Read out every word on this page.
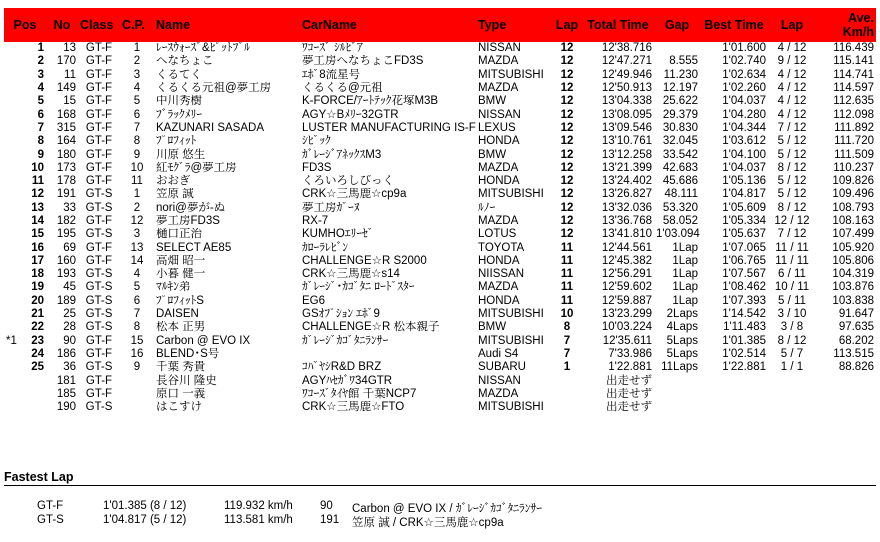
Pos	No	Class	C.P.	Name	CarName	Type	Lap	Total Time	Gap	Best Time	Lap	Ave. Km/h

1	13	GT-F	1	ﾚｰｽｳｫｰｽﾞ&ﾋﾟｯﾄﾌﾞﾙ	ﾜｺｰｽﾞ ｼﾙﾋﾞｱ	NISSAN	12	12'38.716		1'01.600	4 / 12	116.439

2	170	GT-F	2	へなちょこ	夢工房へなちょこFD3S	MAZDA	12	12'47.271	8.555	1'02.740	9 / 12	115.141

3	11	GT-F	3	くるてく	ｴﾎﾞ8流星号	MITSUBISHI	12	12'49.946	11.230	1'02.634	4 / 12	114.741

4	149	GT-F	4	くるくる元祖@夢工房	くるくる@元祖	MAZDA	12	12'50.913	12.197	1'02.260	4 / 12	114.597

5	15	GT-F	5	中川秀樹	K-FORCE/ｱｰﾄﾃｯｸ花塚M3B	BMW	12	13'04.338	25.622	1'04.037	4 / 12	112.635

6	168	GT-F	6	ﾌﾞﾗｯｸﾒﾘｰ	AGY☆Bﾒﾘｰ32GTR	NISSAN	12	13'08.095	29.379	1'04.280	4 / 12	112.098

7	315	GT-F	7	KAZUNARI SASADA	LUSTER MANUFACTURING IS-F	LEXUS	12	13'09.546	30.830	1'04.344	7 / 12	111.892

8	164	GT-F	8	ﾌﾟﾛﾌｨｯﾄ	ｼﾋﾞｯｸ	HONDA	12	13'10.761	32.045	1'03.612	5 / 12	111.720

9	180	GT-F	9	川原 悠生	ｶﾞﾚｰｼﾞｱﾈｯｸｽM3	BMW	12	13'12.258	33.542	1'04.100	5 / 12	111.509

10	173	GT-F	10	紅ﾓｸﾞﾗ@夢工房	FD3S	MAZDA	12	13'21.399	42.683	1'04.037	8 / 12	110.237

11	178	GT-F	11	おおぎ	くろいろしびっく	HONDA	12	13'24.402	45.686	1'05.136	5 / 12	109.826

12	191	GT-S	1	笠原 誠	CRK☆三馬鹿☆cp9a	MITSUBISHI	12	13'26.827	48.111	1'04.817	5 / 12	109.496

13	33	GT-S	2	nori@夢が-ぬ	夢工房ｶﾞｰﾇ	ﾙﾉｰ	12	13'32.036	53.320	1'05.609	8 / 12	108.793

14	182	GT-F	12	夢工房FD3S	RX-7	MAZDA	12	13'36.768	58.052	1'05.334	12 / 12	108.163

15	195	GT-S	3	樋口正治	KUMHOｴﾘｰｾﾞ	LOTUS	12	13'41.810	1'03.094	1'05.637	7 / 12	107.499

16	69	GT-F	13	SELECT AE85	ｶﾛｰﾗﾚﾋﾞﾝ	TOYOTA	11	12'44.561	1Lap	1'07.065	11 / 11	105.920

17	160	GT-F	14	高畑 昭一	CHALLENGE☆R S2000	HONDA	11	12'45.382	1Lap	1'06.765	11 / 11	105.806

18	193	GT-S	4	小暮 健一	CRK☆三馬鹿☆s14	NIISSAN	11	12'56.291	1Lap	1'07.567	6 / 11	104.319

19	45	GT-S	5	ﾏﾙｷﾝ弟	ｶﾞﾚｰｼﾞ･ｶｺﾞﾀﾆ ﾛｰﾄﾞｽﾀｰ	MAZDA	11	12'59.602	1Lap	1'08.462	10 / 11	103.876

20	189	GT-S	6	ﾌﾟﾛﾌｨｯﾄS	EG6	HONDA	11	12'59.887	1Lap	1'07.393	5 / 11	103.838

21	25	GT-S	7	DAISEN	GSｵﾌﾟｼｮﾝ ｴﾎﾞ9	MITSUBISHI	10	13'23.299	2Laps	1'14.542	3 / 10	91.647

22	28	GT-S	8	松本 正男	CHALLENGE☆R 松本親子	BMW	8	10'03.224	4Laps	1'11.483	3 / 8	97.635

*1 23	90	GT-F	15	Carbon @ EVO IX	ｶﾞﾚｰｼﾞｶｺﾞﾀﾆﾗﾝｻｰ	MITSUBISHI	7	12'35.611	5Laps	1'01.385	8 / 12	68.202

24	186	GT-F	16	BLEND･S号		Audi S4	7	7'33.986	5Laps	1'02.514	5 / 7	113.515

25	36	GT-S	9	千葉 秀貴	ｺﾊﾞﾔｼR&D BRZ	SUBARU	1	1'22.881	11Laps	1'22.881	1 / 1	88.826

	181	GT-F		長谷川 隆史	AGYﾊｾｶﾞﾜ34GTR	NISSAN		出走せず				

	185	GT-F		原口 一義	ﾜｺｰｽﾞﾀｲﾔ館 千葉NCP7	MAZDA		出走せず				

	190	GT-S		はこすけ	CRK☆三馬鹿☆FTO	MITSUBISHI		出走せず				
Fastest Lap
GT-F	1'01.385 (8 / 12)	119.932 km/h 90 Carbon @ EVO IX / ｶﾞﾚｰｼﾞｶｺﾞﾀﾆﾗﾝｻｰ
GT-S	1'04.817 (5 / 12)	113.581 km/h 191 笠原 誠 / CRK☆三馬鹿☆cp9a
